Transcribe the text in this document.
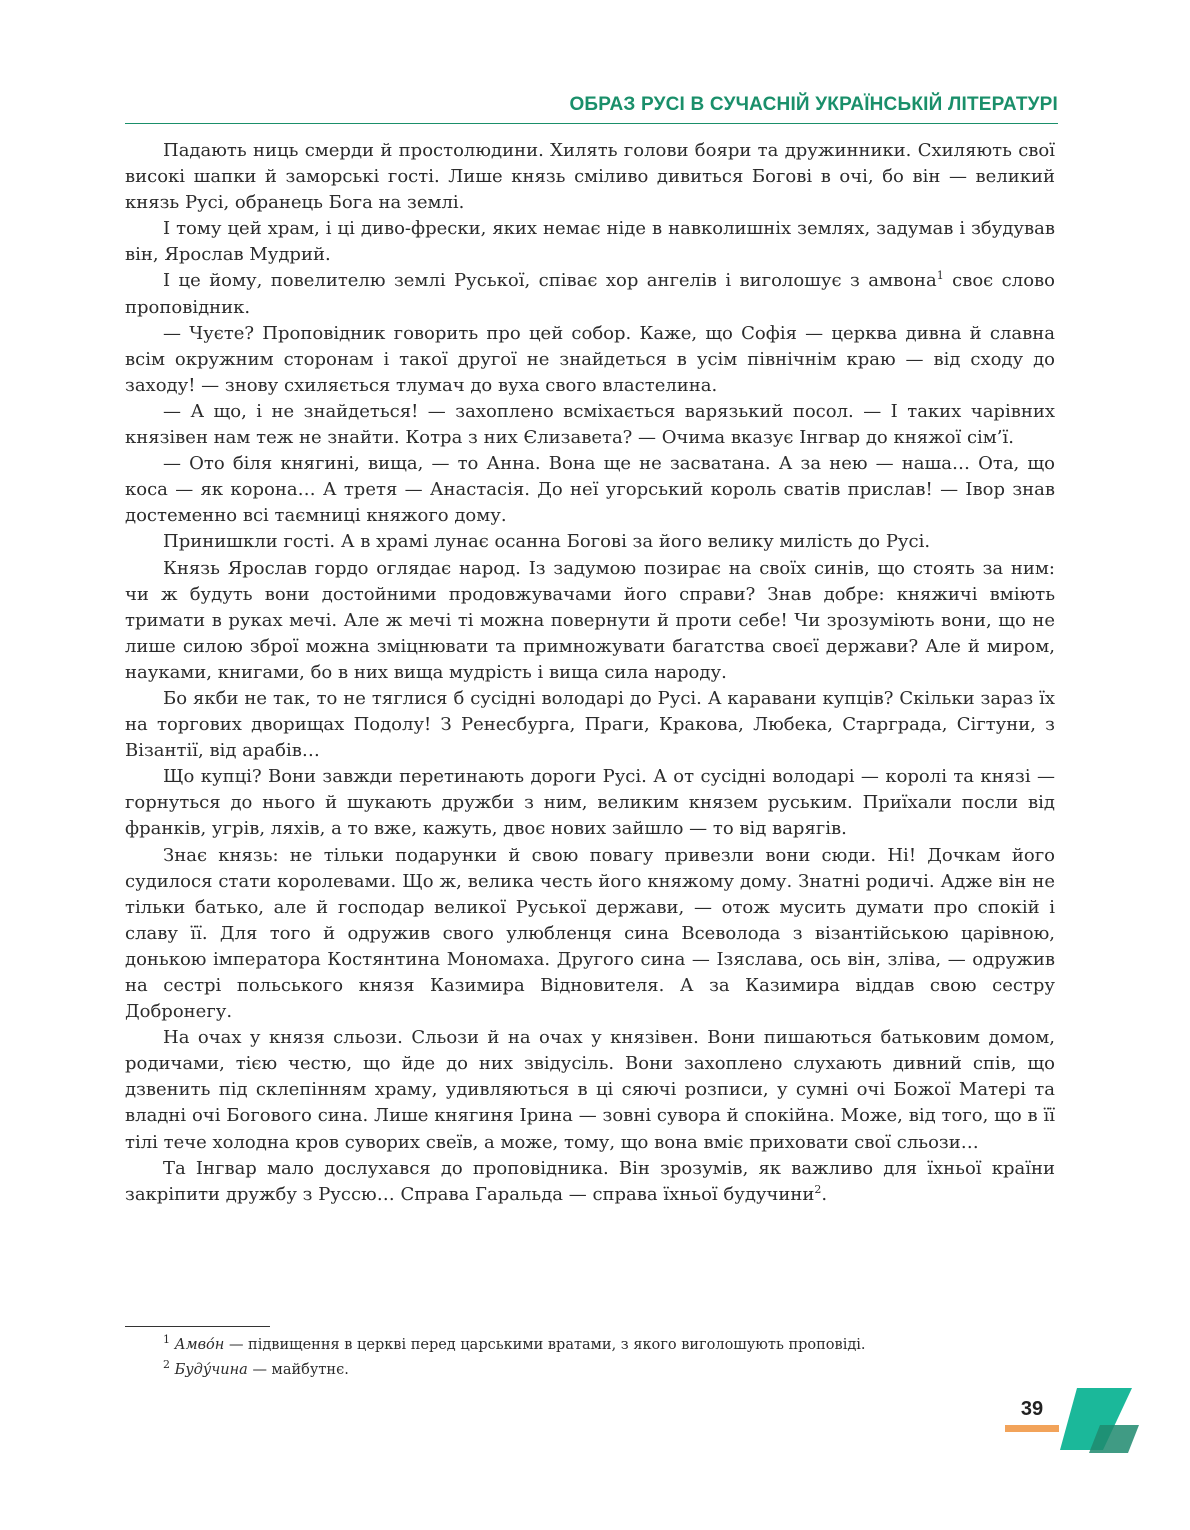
ОБРАЗ РУСІ В СУЧАСНІЙ УКРАЇНСЬКІЙ ЛІТЕРАТУРІ

Падають ниць смерди й простолюдини. Хилять голови бояри та дружинники. Схиляють свої високі шапки й заморські гості. Лише князь сміливо дивиться Богові в очі, бо він — великий князь Русі, обранець Бога на землі.

І тому цей храм, і ці диво-фрески, яких немає ніде в навколишніх землях, задумав і збудував він, Ярослав Мудрий.

І це йому, повелителю землі Руської, співає хор ангелів і виголошує з амвона$^1$ своє слово проповідник.

— Чуєте? Проповідник говорить про цей собор. Каже, що Софія — церква дивна й славна всім окружним сторонам і такої другої не знайдеться в усім північнім краю — від сходу до заходу! — знову схиляється тлумач до вуха свого властелина.

— А що, і не знайдеться! — захоплено всміхається варязький посол. — І таких чарівних князівен нам теж не знайти. Котра з них Єлизавета? — Очима вказує Інгвар до княжої сім’ї.

— Ото біля княгині, вища, — то Анна. Вона ще не засватана. А за нею — наша… Ота, що коса — як корона… А третя — Анастасія. До неї угорський король сватів прислав! — Івор знав достеменно всі таємниці княжого дому.

Принишкли гості. А в храмі лунає осанна Богові за його велику милість до Русі.

Князь Ярослав гордо оглядає народ. Із задумою позирає на своїх синів, що стоять за ним: чи ж будуть вони достойними продовжувачами його справи? Знав добре: княжичі вміють тримати в руках мечі. Але ж мечі ті можна повернути й проти себе! Чи зрозуміють вони, що не лише силою зброї можна зміцнювати та примножувати багатства своєї держави? Але й миром, науками, книгами, бо в них вища мудрість і вища сила народу.

Бо якби не так, то не тяглися б сусідні володарі до Русі. А каравани купців? Скільки зараз їх на торгових дворищах Подолу! З Ренесбурга, Праги, Кракова, Любека, Старграда, Сігтуни, з Візантії, від арабів…

Що купці? Вони завжди перетинають дороги Русі. А от сусідні володарі — королі та князі — горнуться до нього й шукають дружби з ним, великим князем руським. Приїхали посли від франків, угрів, ляхів, а то вже, кажуть, двоє нових зайшло — то від варягів.

Знає князь: не тільки подарунки й свою повагу привезли вони сюди. Ні! Дочкам його судилося стати королевами. Що ж, велика честь його княжому дому. Знатні родичі. Адже він не тільки батько, але й господар великої Руської держави, — отож мусить думати про спокій і славу її. Для того й одружив свого улюбленця сина Всеволода з візантійською царівною, донькою імператора Костянтина Мономаха. Другого сина — Ізяслава, ось він, зліва, — одружив на сестрі польського князя Казимира Відновителя. А за Казимира віддав свою сестру Добронегу.

На очах у князя сльози. Сльози й на очах у князівен. Вони пишаються батьковим домом, родичами, тією честю, що йде до них звідусіль. Вони захоплено слухають дивний спів, що дзвенить під склепінням храму, удивляються в ці сяючі розписи, у сумні очі Божої Матері та владні очі Богового сина. Лише княгиня Ірина — зовні сувора й спокійна. Може, від того, що в її тілі тече холодна кров суворих свеїв, а може, тому, що вона вміє приховати свої сльози…

Та Інгвар мало дослухався до проповідника. Він зрозумів, як важливо для їхньої країни закріпити дружбу з Руссю… Справа Гаральда — справа їхньої будучини$^2$.

$^1$ Амво́н — підвищення в церкві перед царськими вратами, з якого виголошують проповіді.
$^2$ Буду́чина — майбутнє.
39
